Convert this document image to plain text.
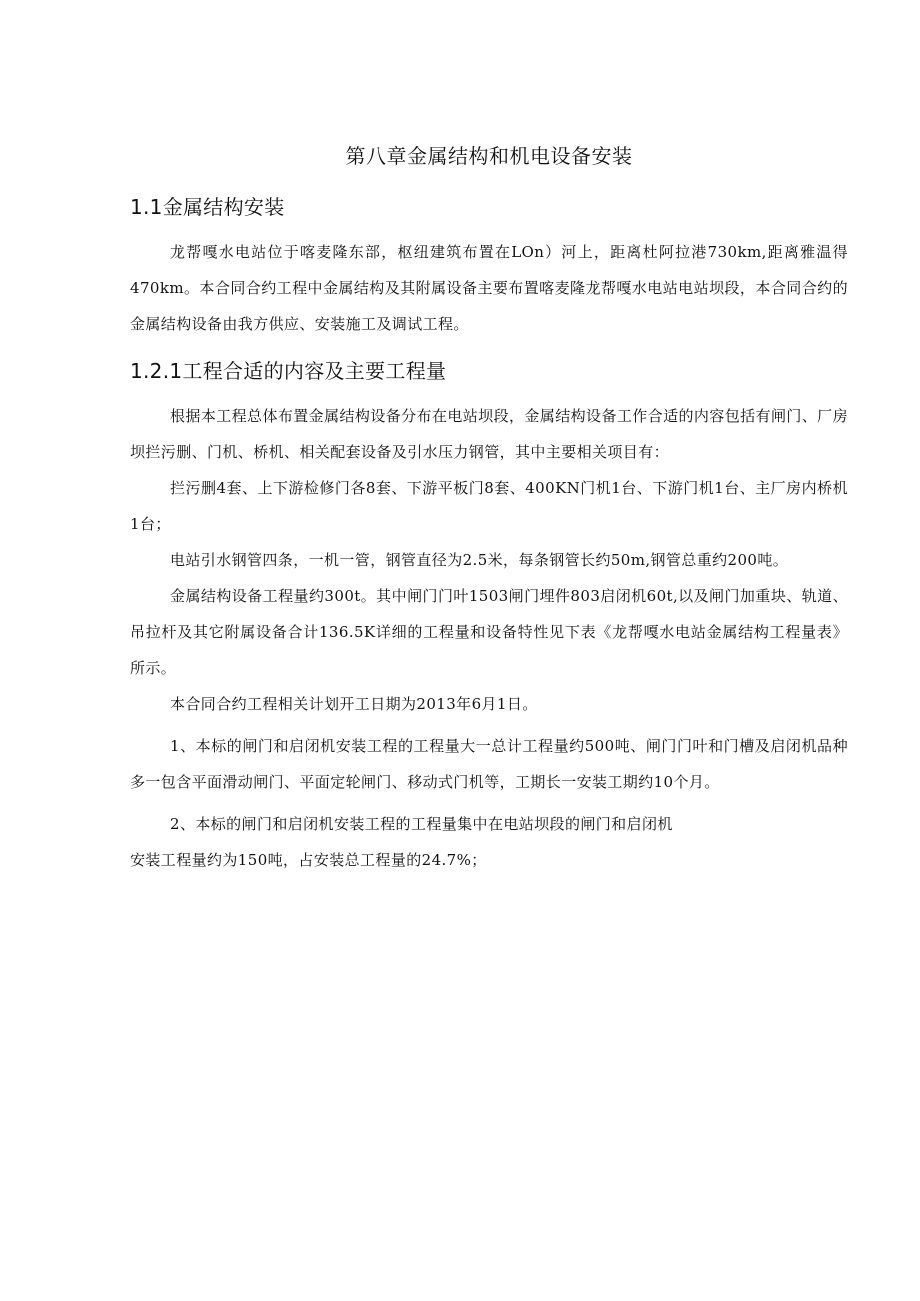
第八章金属结构和机电设备安装
1.1金属结构安装

龙帮嘎水电站位于喀麦隆东部，枢纽建筑布置在LOn）河上，距离杜阿拉港730km,距离雅温得470km。本合同合约工程中金属结构及其附属设备主要布置喀麦隆龙帮嘎水电站电站坝段，本合同合约的金属结构设备由我方供应、安装施工及调试工程。

1.2.1工程合适的内容及主要工程量

根据本工程总体布置金属结构设备分布在电站坝段，金属结构设备工作合适的内容包括有闸门、厂房坝拦污删、门机、桥机、相关配套设备及引水压力钢管，其中主要相关项目有：

拦污删4套、上下游检修门各8套、下游平板门8套、400KN门机1台、下游门机1台、主厂房内桥机1台；

电站引水钢管四条，一机一管，钢管直径为2.5米，每条钢管长约50m,钢管总重约200吨。

金属结构设备工程量约300t。其中闸门门叶1503闸门埋件803启闭机60t,以及闸门加重块、轨道、吊拉杆及其它附属设备合计136.5K详细的工程量和设备特性见下表《龙帮嘎水电站金属结构工程量表》所示。

本合同合约工程相关计划开工日期为2013年6月1日。

1、本标的闸门和启闭机安装工程的工程量大一总计工程量约500吨、闸门门叶和门槽及启闭机品种多一包含平面滑动闸门、平面定轮闸门、移动式门机等，工期长一安装工期约10个月。

2、本标的闸门和启闭机安装工程的工程量集中在电站坝段的闸门和启闭机

安装工程量约为150吨，占安装总工程量的24.7%；
